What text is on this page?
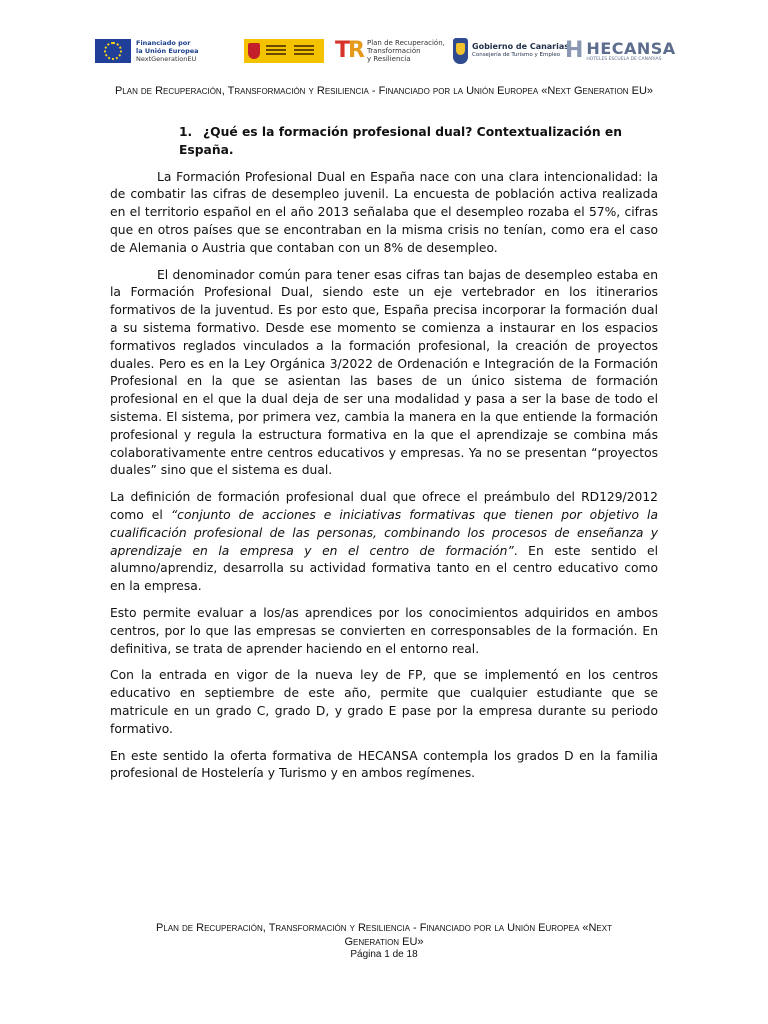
Financiado por
la Unión Europea
NextGenerationEU	TR Plan de Recuperación,
Transformación
y Resiliencia
Gobierno de Canarias
Consejería de Turismo y Empleo H HECANSA
HOTELES ESCUELA DE CANARIAS
Plan de Recuperación, Transformación y Resiliencia - Financiado por la Unión Europea «Next Generation EU»
1. ¿Qué es la formación profesional dual? Contextualización en España.

La Formación Profesional Dual en España nace con una clara intencionalidad: la de combatir las cifras de desempleo juvenil. La encuesta de población activa realizada en el territorio español en el año 2013 señalaba que el desempleo rozaba el 57%, cifras que en otros países que se encontraban en la misma crisis no tenían, como era el caso de Alemania o Austria que contaban con un 8% de desempleo.

El denominador común para tener esas cifras tan bajas de desempleo estaba en la Formación Profesional Dual, siendo este un eje vertebrador en los itinerarios formativos de la juventud. Es por esto que, España precisa incorporar la formación dual a su sistema formativo. Desde ese momento se comienza a instaurar en los espacios formativos reglados vinculados a la formación profesional, la creación de proyectos duales. Pero es en la Ley Orgánica 3/2022 de Ordenación e Integración de la Formación Profesional en la que se asientan las bases de un único sistema de formación profesional en el que la dual deja de ser una modalidad y pasa a ser la base de todo el sistema. El sistema, por primera vez, cambia la manera en la que entiende la formación profesional y regula la estructura formativa en la que el aprendizaje se combina más colaborativamente entre centros educativos y empresas. Ya no se presentan “proyectos duales” sino que el sistema es dual.

La definición de formación profesional dual que ofrece el preámbulo del RD129/2012 como el “conjunto de acciones e iniciativas formativas que tienen por objetivo la cualificación profesional de las personas, combinando los procesos de enseñanza y aprendizaje en la empresa y en el centro de formación”. En este sentido el alumno/aprendiz, desarrolla su actividad formativa tanto en el centro educativo como en la empresa.

Esto permite evaluar a los/as aprendices por los conocimientos adquiridos en ambos centros, por lo que las empresas se convierten en corresponsables de la formación. En definitiva, se trata de aprender haciendo en el entorno real.

Con la entrada en vigor de la nueva ley de FP, que se implementó en los centros educativo en septiembre de este año, permite que cualquier estudiante que se matricule en un grado C, grado D, y grado E pase por la empresa durante su periodo formativo.

En este sentido la oferta formativa de HECANSA contempla los grados D en la familia profesional de Hostelería y Turismo y en ambos regímenes.

Plan de Recuperación, Transformación y Resiliencia - Financiado por la Unión Europea «Next
Generation EU»
Página 1 de 18
